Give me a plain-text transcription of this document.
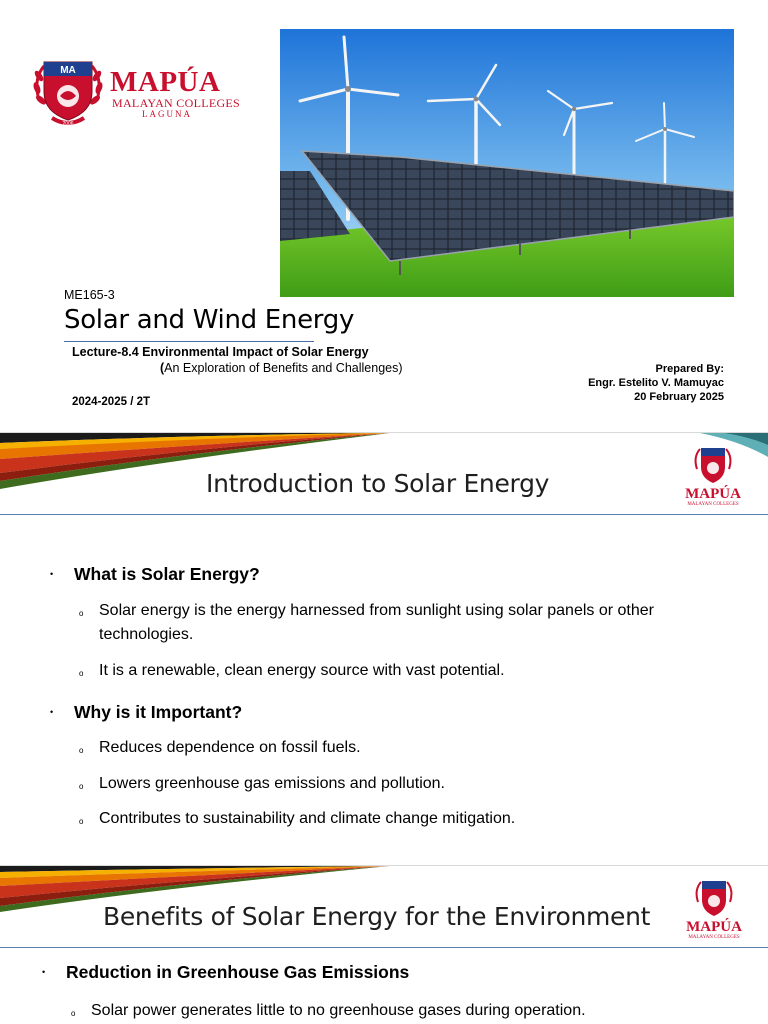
MA
2006
MAPÚA
MALAYAN COLLEGES
LAGUNA
ME165-3
Solar and Wind Energy
Lecture-8.4 Environmental Impact of Solar Energy
(An Exploration of Benefits and Challenges)
2024-2025 / 2T
Prepared By:
Engr. Estelito V. Mamuyac
20 February 2025
Introduction to Solar Energy	MAPÚA
MALAYAN COLLEGES
• What is Solar Energy?
o Solar energy is the energy harnessed from sunlight using solar panels or other technologies.
o It is a renewable, clean energy source with vast potential.
• Why is it Important?
o Reduces dependence on fossil fuels.
o Lowers greenhouse gas emissions and pollution.
o Contributes to sustainability and climate change mitigation.
Benefits of Solar Energy for the Environment MAPÚA
MALAYAN COLLEGES
• Reduction in Greenhouse Gas Emissions
o Solar power generates little to no greenhouse gases during operation.
